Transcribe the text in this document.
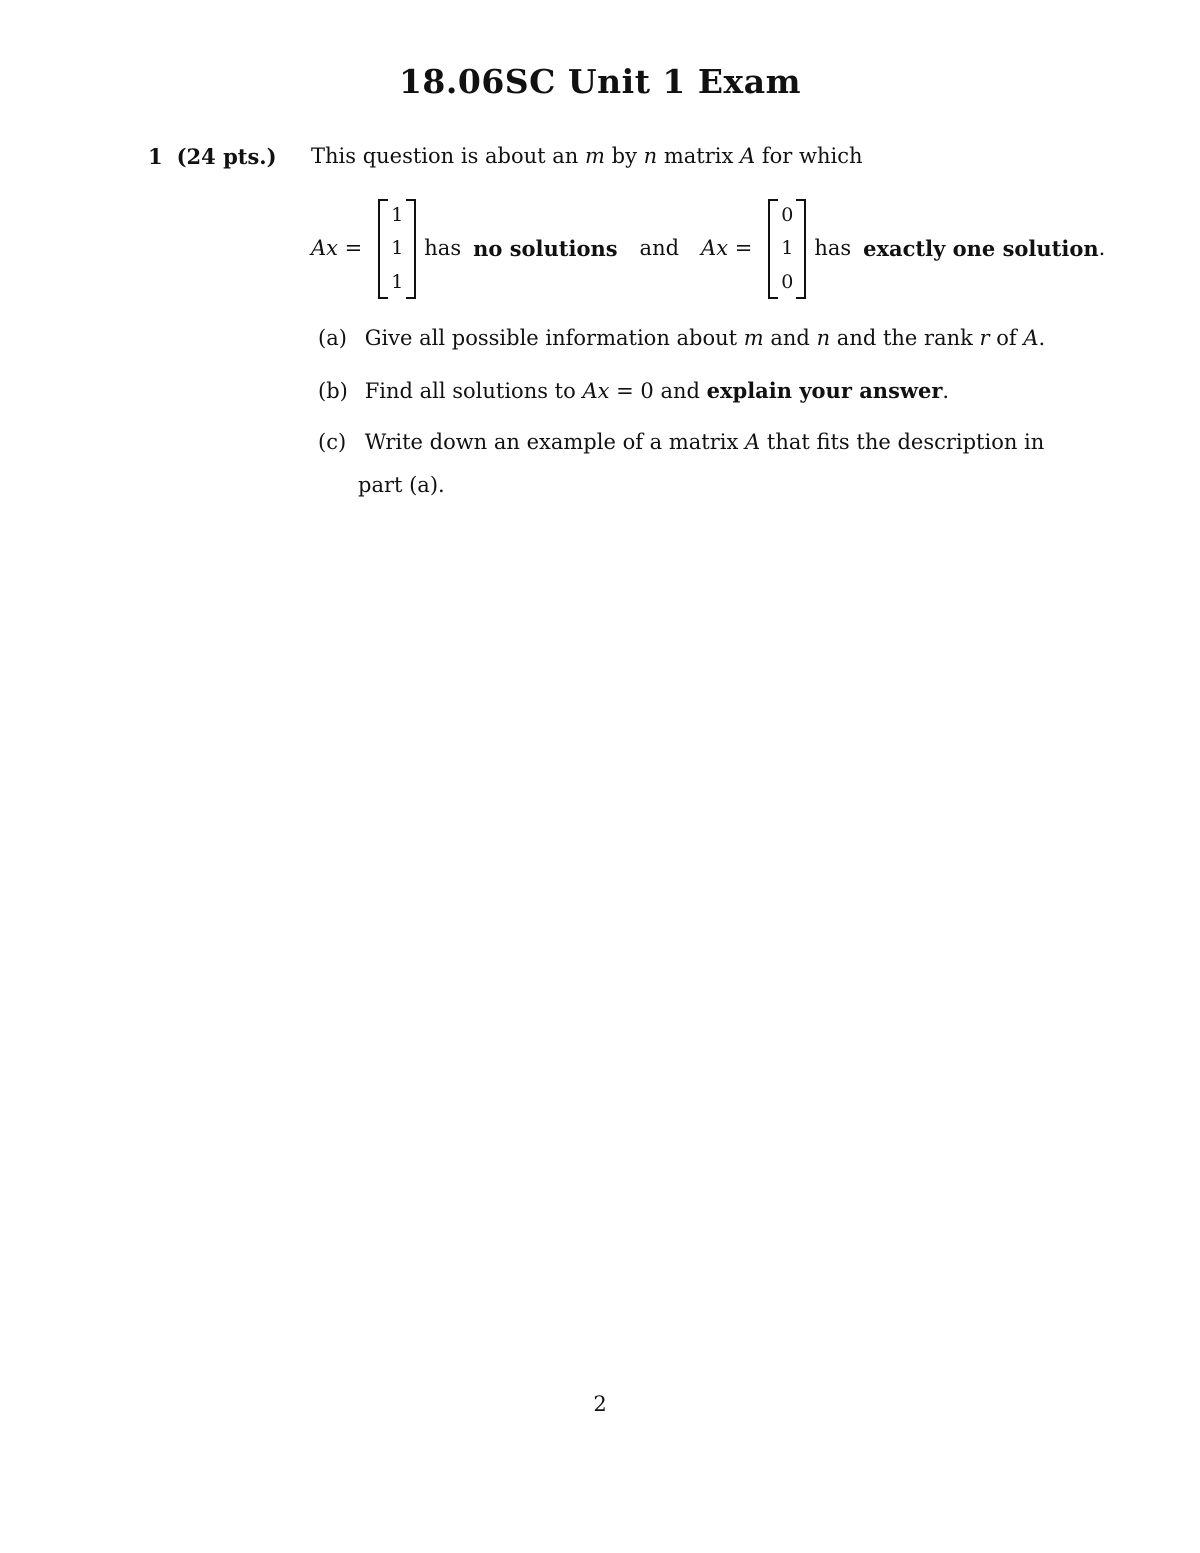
18.06SC Unit 1 Exam
1 (24 pts.) This question is about an m by n matrix A for which
Ax =
1
1
1
has no solutions and Ax =
0
1
0
has exactly one solution .
(a) Give all possible information about m and n and the rank r of A.
(b) Find all solutions to Ax = 0 and explain your answer.
(c) Write down an example of a matrix A that fits the description in
part (a).
2
